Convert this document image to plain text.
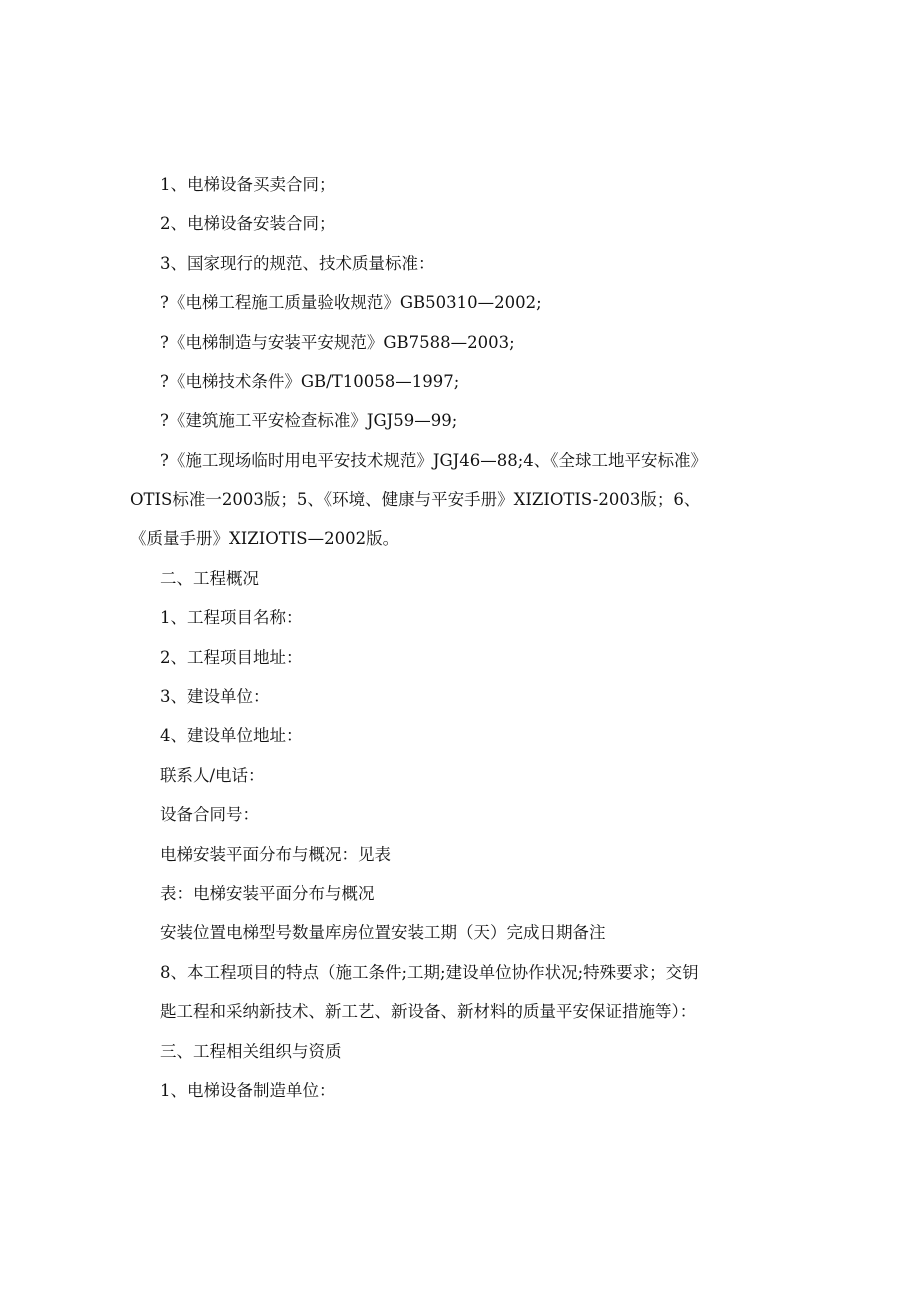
1、电梯设备买卖合同；

2、电梯设备安装合同；

3、国家现行的规范、技术质量标准：

?《电梯工程施工质量验收规范》GB50310—2002;

?《电梯制造与安装平安规范》GB7588—2003;

?《电梯技术条件》GB/T10058—1997;

?《建筑施工平安检查标准》JGJ59—99;

?《施工现场临时用电平安技术规范》JGJ46—88;4、《全球工地平安标准》

OTIS标准一2003版；5、《环境、健康与平安手册》XIZIOTIS-2003版；6、

《质量手册》XIZIOTIS—2002版。

二、工程概况

1、工程项目名称：

2、工程项目地址：

3、建设单位：

4、建设单位地址：

联系人/电话：

设备合同号：

电梯安装平面分布与概况：见表

表：电梯安装平面分布与概况

安装位置电梯型号数量库房位置安装工期（天）完成日期备注

8、本工程项目的特点（施工条件;工期;建设单位协作状况;特殊要求；交钥

匙工程和采纳新技术、新工艺、新设备、新材料的质量平安保证措施等）：

三、工程相关组织与资质

1、电梯设备制造单位：
